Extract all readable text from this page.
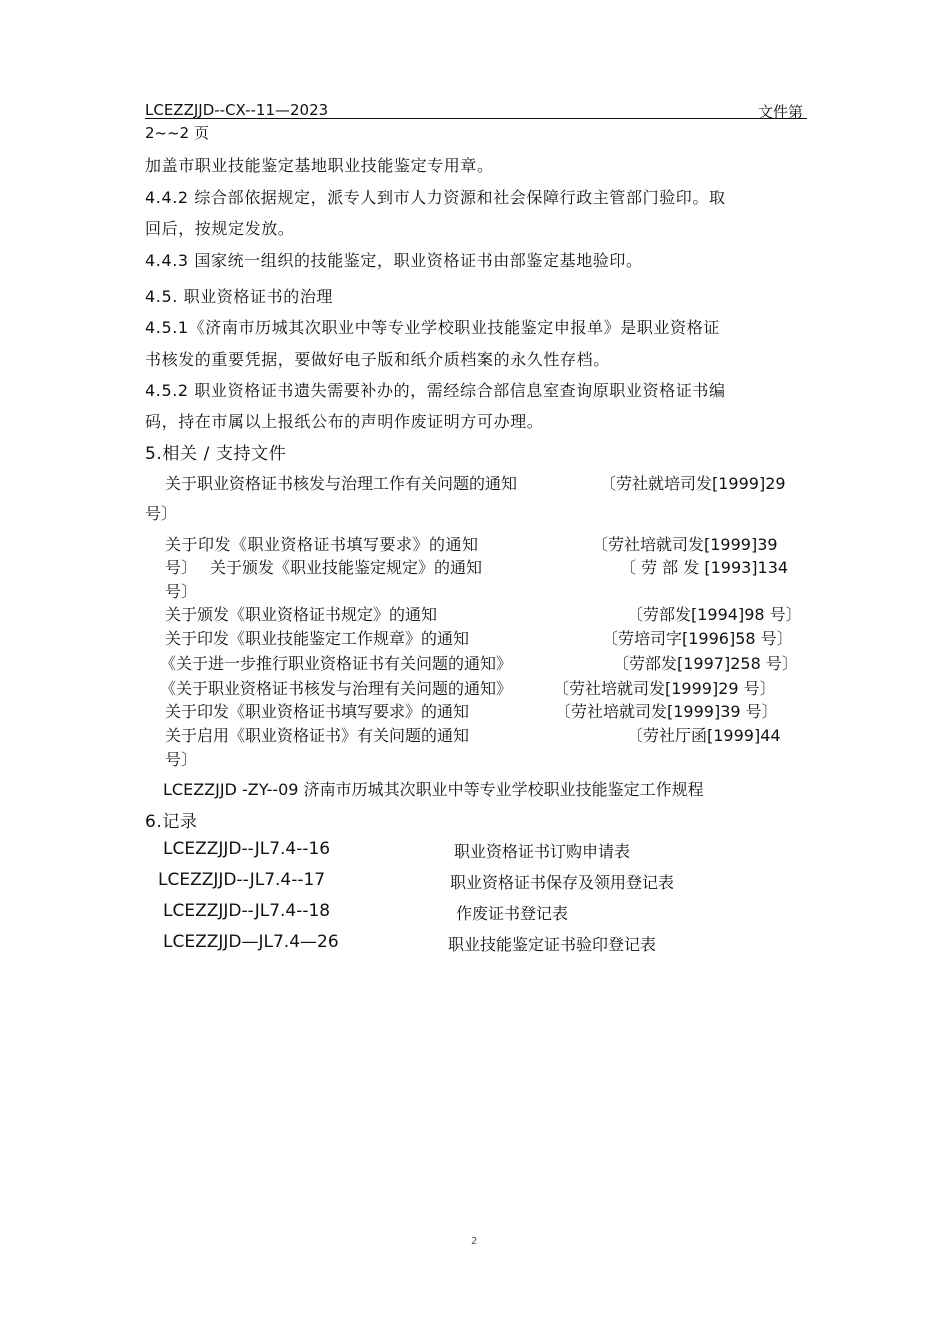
LCEZZJJD--CX--11—2023	文件第
2~~2 页
加盖市职业技能鉴定基地职业技能鉴定专用章。
4.4.2 综合部依据规定，派专人到市人力资源和社会保障行政主管部门验印。取
回后，按规定发放。
4.4.3 国家统一组织的技能鉴定，职业资格证书由部鉴定基地验印。
4.5. 职业资格证书的治理
4.5.1《济南市历城其次职业中等专业学校职业技能鉴定申报单》是职业资格证
书核发的重要凭据，要做好电子版和纸介质档案的永久性存档。
4.5.2 职业资格证书遗失需要补办的，需经综合部信息室查询原职业资格证书编
码，持在市属以上报纸公布的声明作废证明方可办理。
5.相关 / 支持文件
关于职业资格证书核发与治理工作有关问题的通知	〔劳社就培司发[1999]29
号〕
关于印发《职业资格证书填写要求》的通知	〔劳社培就司发[1999]39
号〕 关于颁发《职业技能鉴定规定》的通知	〔 劳 部 发 [1993]134
号〕
关于颁发《职业资格证书规定》的通知	〔劳部发[1994]98 号〕
关于印发《职业技能鉴定工作规章》的通知	〔劳培司字[1996]58 号〕
《关于进一步推行职业资格证书有关问题的通知》	〔劳部发[1997]258 号〕
《关于职业资格证书核发与治理有关问题的通知》	〔劳社培就司发[1999]29 号〕
关于印发《职业资格证书填写要求》的通知	〔劳社培就司发[1999]39 号〕
关于启用《职业资格证书》有关问题的通知	〔劳社厅函[1999]44
号〕
LCEZZJJD -ZY--09 济南市历城其次职业中等专业学校职业技能鉴定工作规程
6.记录
LCEZZJJD--JL7.4--16	职业资格证书订购申请表
LCEZZJJD--JL7.4--17	职业资格证书保存及领用登记表
LCEZZJJD--JL7.4--18	作废证书登记表
LCEZZJJD—JL7.4—26	职业技能鉴定证书验印登记表
2
